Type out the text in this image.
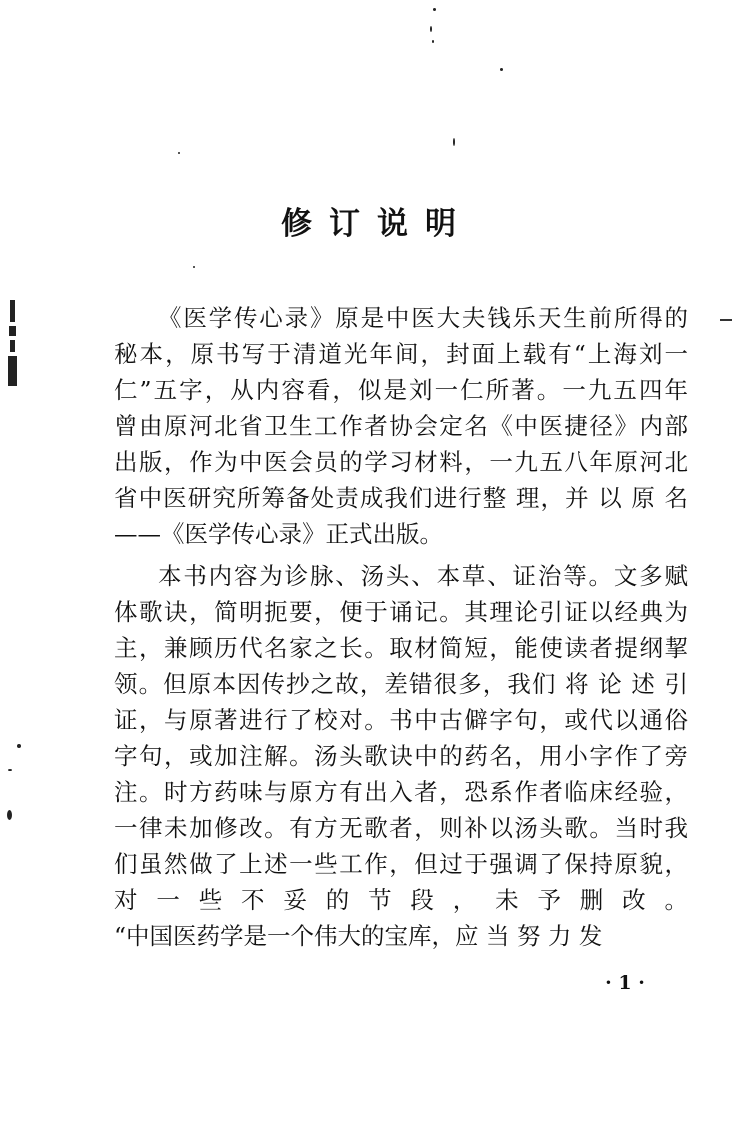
修订说明
《医学传心录》原是中医大夫钱乐天生前所得的
秘本，原书写于清道光年间，封面上载有“上海刘一
仁”五字，从内容看，似是刘一仁所著。一九五四年
曾由原河北省卫生工作者协会定名《中医捷径》内部
出版，作为中医会员的学习材料，一九五八年原河北
省中医研究所筹备处责成我们进行整 理，并 以 原 名
——《医学传心录》正式出版。
本书内容为诊脉、汤头、本草、证治等。文多赋
体歌诀，简明扼要，便于诵记。其理论引证以经典为
主，兼顾历代名家之长。取材简短，能使读者提纲挈
领。但原本因传抄之故，差错很多，我们 将 论 述 引
证，与原著进行了校对。书中古僻字句，或代以通俗
字句，或加注解。汤头歌诀中的药名，用小字作了旁
注。时方药味与原方有出入者，恐系作者临床经验，
一律未加修改。有方无歌者，则补以汤头歌。当时我
们虽然做了上述一些工作，但过于强调了保持原貌，
对一些不妥的节段，未予删改。
“中国医药学是一个伟大的宝库，应 当 努 力 发
· 1 ·
